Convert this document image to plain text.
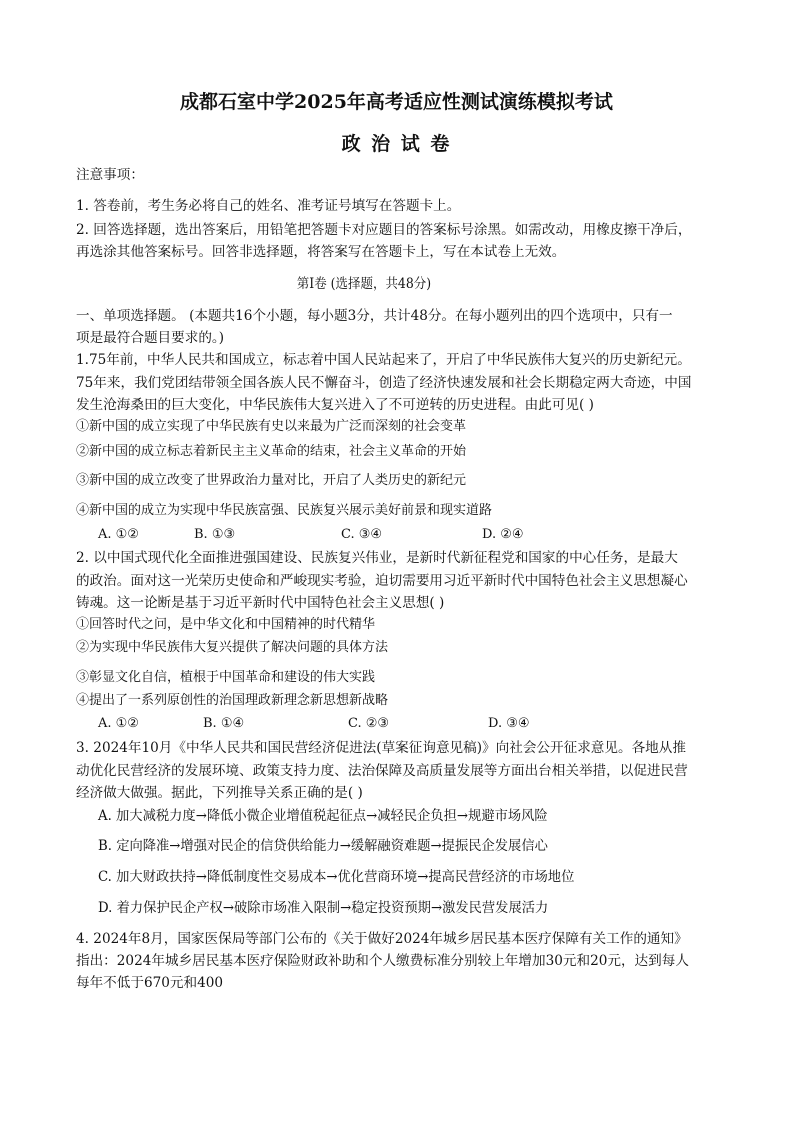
成都石室中学2025年高考适应性测试演练模拟考试
政 治 试 卷
注意事项：
1. 答卷前，考生务必将自己的姓名、准考证号填写在答题卡上。
2. 回答选择题，选出答案后，用铅笔把答题卡对应题目的答案标号涂黑。如需改动，用橡皮擦干净后，
再选涂其他答案标号。回答非选择题，将答案写在答题卡上，写在本试卷上无效。
第Ⅰ卷 (选择题，共48分)
一、单项选择题。 (本题共16个小题，每小题3分，共计48分。在每小题列出的四个选项中，只有一
项是最符合题目要求的。)
1.75年前，中华人民共和国成立，标志着中国人民站起来了，开启了中华民族伟大复兴的历史新纪元。
75年来，我们党团结带领全国各族人民不懈奋斗，创造了经济快速发展和社会长期稳定两大奇迹，中国
发生沧海桑田的巨大变化，中华民族伟大复兴进入了不可逆转的历史进程。由此可见( )
①新中国的成立实现了中华民族有史以来最为广泛而深刻的社会变革
②新中国的成立标志着新民主主义革命的结束，社会主义革命的开始
③新中国的成立改变了世界政治力量对比，开启了人类历史的新纪元
④新中国的成立为实现中华民族富强、民族复兴展示美好前景和现实道路
A. ①②	B. ①③	C. ③④	D. ②④
2. 以中国式现代化全面推进强国建设、民族复兴伟业，是新时代新征程党和国家的中心任务，是最大
的政治。面对这一光荣历史使命和严峻现实考验，迫切需要用习近平新时代中国特色社会主义思想凝心
铸魂。这一论断是基于习近平新时代中国特色社会主义思想( )
①回答时代之问，是中华文化和中国精神的时代精华
②为实现中华民族伟大复兴提供了解决问题的具体方法
③彰显文化自信，植根于中国革命和建设的伟大实践
④提出了一系列原创性的治国理政新理念新思想新战略
A. ①②	B. ①④	C. ②③	D. ③④
3. 2024年10月《中华人民共和国民营经济促进法(草案征询意见稿)》向社会公开征求意见。各地从推
动优化民营经济的发展环境、政策支持力度、法治保障及高质量发展等方面出台相关举措，以促进民营
经济做大做强。据此，下列推导关系正确的是( )
A. 加大减税力度→降低小微企业增值税起征点→减轻民企负担→规避市场风险
B. 定向降准→增强对民企的信贷供给能力→缓解融资难题→提振民企发展信心
C. 加大财政扶持→降低制度性交易成本→优化营商环境→提高民营经济的市场地位
D. 着力保护民企产权→破除市场准入限制→稳定投资预期→激发民营发展活力
4. 2024年8月，国家医保局等部门公布的《关于做好2024年城乡居民基本医疗保障有关工作的通知》
指出：2024年城乡居民基本医疗保险财政补助和个人缴费标准分别较上年增加30元和20元，达到每人
每年不低于670元和400
